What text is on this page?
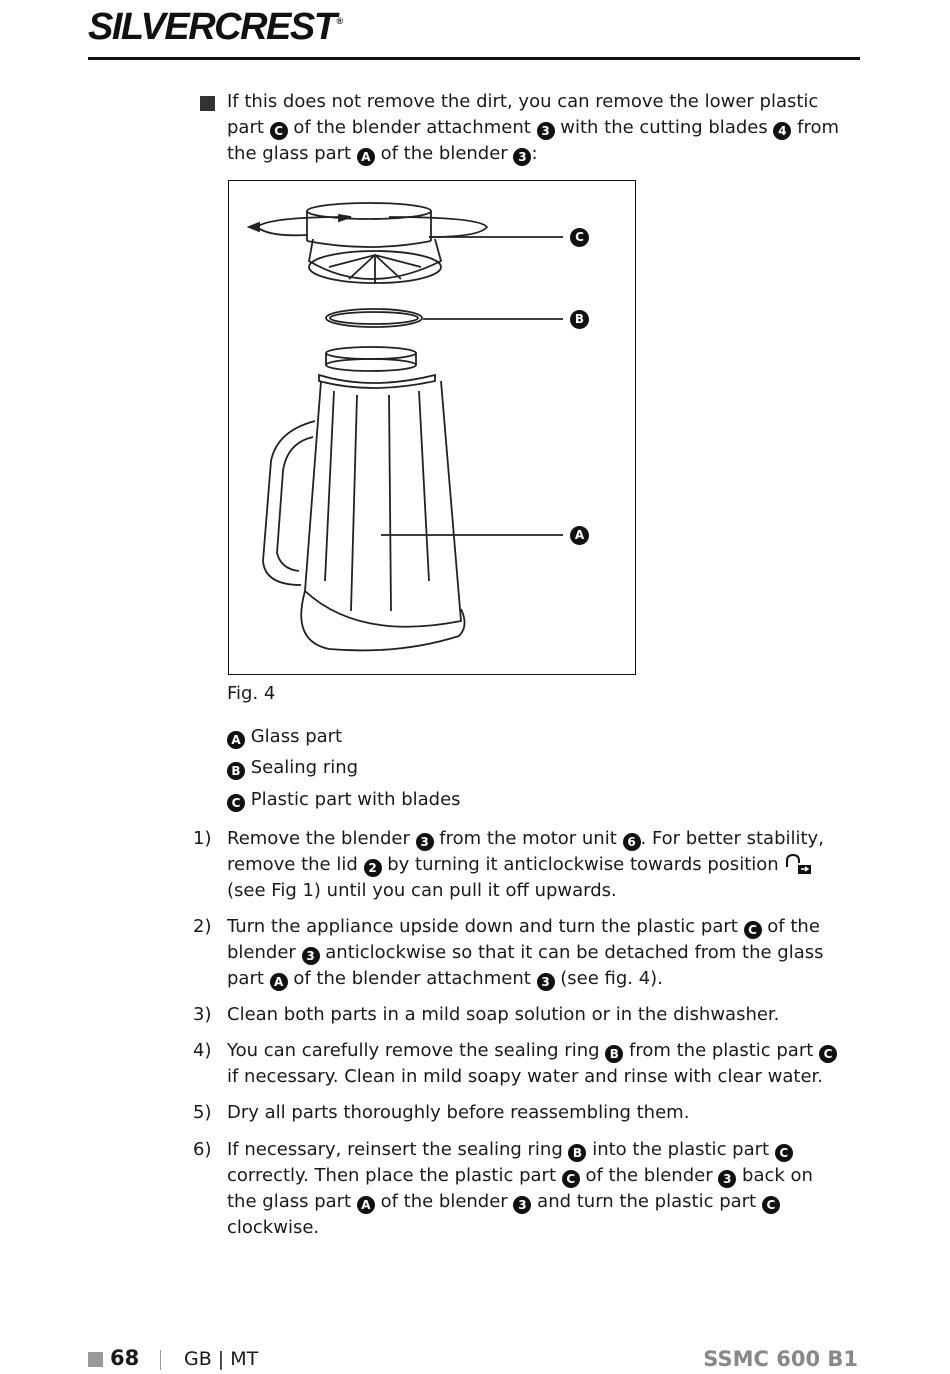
SILVERCREST®
If this does not remove the dirt, you can remove the lower plastic part C of the blender attachment 3 with the cutting blades 4 from the glass part A of the blender 3 :
C
B
A
Fig. 4
A Glass part
B Sealing ring
C Plastic part with blades
1) Remove the blender 3 from the motor unit 6 . For better stability, remove the lid 2 by turning it anticlockwise towards position  (see Fig 1) until you can pull it off upwards.
2) Turn the appliance upside down and turn the plastic part C of the blender 3 anticlockwise so that it can be detached from the glass part A of the blender attachment 3 (see fig. 4).
3) Clean both parts in a mild soap solution or in the dishwasher.
4) You can carefully remove the sealing ring B from the plastic part C if necessary. Clean in mild soapy water and rinse with clear water.
5) Dry all parts thoroughly before reassembling them.
6) If necessary, reinsert the sealing ring B into the plastic part C correctly. Then place the plastic part C of the blender 3 back on the glass part A of the blender 3 and turn the plastic part C clockwise.
68 GB | MT	SSMC 600 B1
